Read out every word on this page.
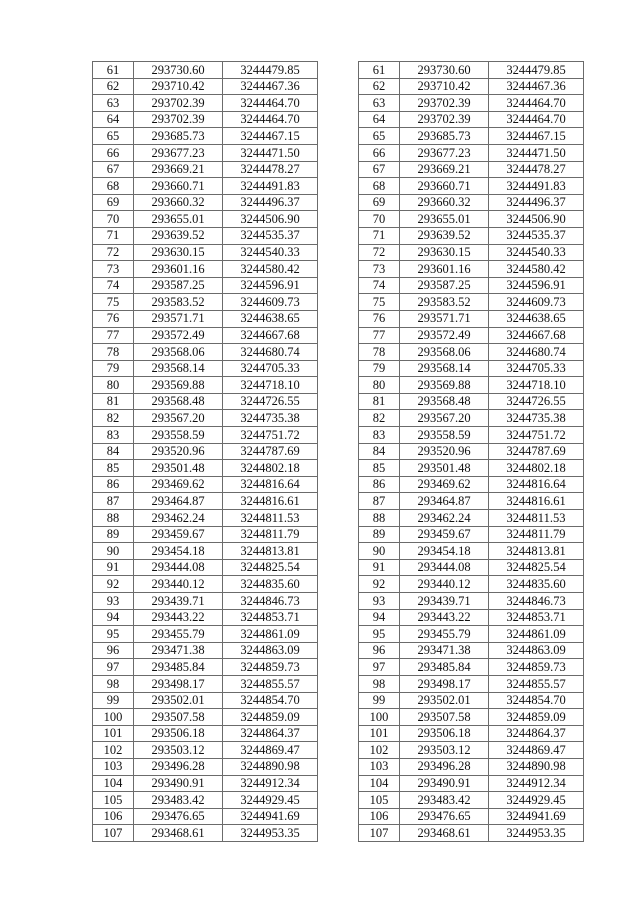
61	293730.60	3244479.85
62	293710.42	3244467.36
63	293702.39	3244464.70
64	293702.39	3244464.70
65	293685.73	3244467.15
66	293677.23	3244471.50
67	293669.21	3244478.27
68	293660.71	3244491.83
69	293660.32	3244496.37
70	293655.01	3244506.90
71	293639.52	3244535.37
72	293630.15	3244540.33
73	293601.16	3244580.42
74	293587.25	3244596.91
75	293583.52	3244609.73
76	293571.71	3244638.65
77	293572.49	3244667.68
78	293568.06	3244680.74
79	293568.14	3244705.33
80	293569.88	3244718.10
81	293568.48	3244726.55
82	293567.20	3244735.38
83	293558.59	3244751.72
84	293520.96	3244787.69
85	293501.48	3244802.18
86	293469.62	3244816.64
87	293464.87	3244816.61
88	293462.24	3244811.53
89	293459.67	3244811.79
90	293454.18	3244813.81
91	293444.08	3244825.54
92	293440.12	3244835.60
93	293439.71	3244846.73
94	293443.22	3244853.71
95	293455.79	3244861.09
96	293471.38	3244863.09
97	293485.84	3244859.73
98	293498.17	3244855.57
99	293502.01	3244854.70
100	293507.58	3244859.09
101	293506.18	3244864.37
102	293503.12	3244869.47
103	293496.28	3244890.98
104	293490.91	3244912.34
105	293483.42	3244929.45
106	293476.65	3244941.69
107	293468.61	3244953.35
61	293730.60	3244479.85
62	293710.42	3244467.36
63	293702.39	3244464.70
64	293702.39	3244464.70
65	293685.73	3244467.15
66	293677.23	3244471.50
67	293669.21	3244478.27
68	293660.71	3244491.83
69	293660.32	3244496.37
70	293655.01	3244506.90
71	293639.52	3244535.37
72	293630.15	3244540.33
73	293601.16	3244580.42
74	293587.25	3244596.91
75	293583.52	3244609.73
76	293571.71	3244638.65
77	293572.49	3244667.68
78	293568.06	3244680.74
79	293568.14	3244705.33
80	293569.88	3244718.10
81	293568.48	3244726.55
82	293567.20	3244735.38
83	293558.59	3244751.72
84	293520.96	3244787.69
85	293501.48	3244802.18
86	293469.62	3244816.64
87	293464.87	3244816.61
88	293462.24	3244811.53
89	293459.67	3244811.79
90	293454.18	3244813.81
91	293444.08	3244825.54
92	293440.12	3244835.60
93	293439.71	3244846.73
94	293443.22	3244853.71
95	293455.79	3244861.09
96	293471.38	3244863.09
97	293485.84	3244859.73
98	293498.17	3244855.57
99	293502.01	3244854.70
100	293507.58	3244859.09
101	293506.18	3244864.37
102	293503.12	3244869.47
103	293496.28	3244890.98
104	293490.91	3244912.34
105	293483.42	3244929.45
106	293476.65	3244941.69
107	293468.61	3244953.35
